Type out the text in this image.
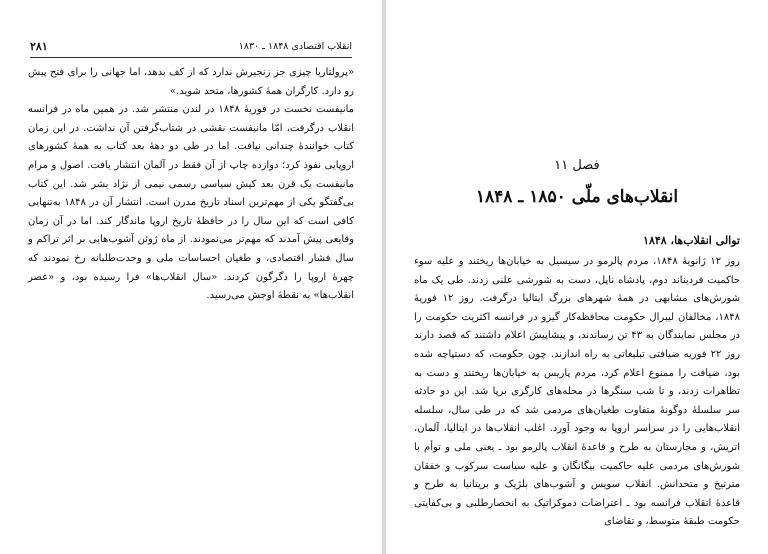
۲۸۱	انقلاب اقتصادی ۱۸۴۸ ـ ۱۸۳۰

«پرولتاریا چیزی جز زنجیرش ندارد که از کف بدهد، اما جهانی را برای فتح پیش رو دارد. کارگران همهٔ کشورها، متحد شوید.»

مانیفست نخست در فوریهٔ ۱۸۴۸ در لندن منتشر شد. در همین ماه در فرانسه انقلاب درگرفت، امّا مانیفست نقشی در شتاب‌گرفتن آن نداشت. در این زمان کتاب خوانندهٔ چندانی نیافت. اما در طی دو دههٔ بعد کتاب به همهٔ کشورهای اروپایی نفوذ کرد؛ دوازده چاپ از آن فقط در آلمان انتشار یافت. اصول و مرام مانیفست یک قرن بعد کیش سیاسی رسمی نیمی از نژاد بشر شد. این کتاب بی‌گفتگو یکی از مهم‌ترین اسناد تاریخ مدرن است. انتشار آن در ۱۸۴۸ به‌تنهایی کافی است که این سال را در حافظهٔ تاریخ اروپا ماندگار کند. اما در آن زمان وقایعی پیش آمدند که مهم‌تر می‌نمودند. از ماه ژوئن آشوب‌هایی بر اثر تراکم و سال فشار اقتصادی، و طغیان احساسات ملی و وحدت‌طلبانه رخ نمودند که چهرهٔ اروپا را دگرگون کردند. «سال انقلاب‌ها» فرا رسیده بود، و «عصر انقلاب‌ها» به نقطهٔ اوجش می‌رسید.

فصل ۱۱
انقلاب‌های ملّی ۱۸۵۰ ـ ۱۸۴۸
توالی انقلاب‌ها، ۱۸۴۸

روز ۱۲ ژانویهٔ ۱۸۴۸، مردم پالرمو در سیسیل به خیابان‌ها ریختند و علیه سوء حاکمیت فردیناند دوم، پادشاه ناپل، دست به شورشی علنی زدند. طی یک ماه شورش‌های مشابهی در همهٔ شهرهای بزرگ ایتالیا درگرفت. روز ۱۲ فوریهٔ ۱۸۴۸، مخالفان لیبرال حکومت محافظه‌کار گیزو در فرانسه اکثریت حکومت را در مجلس نمایندگان به ۴۳ تن رساندند، و پیشاپیش اعلام داشتند که قصد دارند روز ۲۲ فوریه ضیافتی تبلیغاتی به راه اندازند. چون حکومت، که دستپاچه شده بود، ضیافت را ممنوع اعلام کرد، مردم پاریس به خیابان‌ها ریختند و دست به تظاهرات زدند، و تا شب سنگرها در محله‌های کارگری برپا شد. این دو حادثه سر سلسلهٔ دوگونهٔ متفاوت طغیان‌های مردمی شد که در طی سال، سلسله انقلاب‌هایی را در سراسر اروپا به وجود آورد. اغلب انقلاب‌ها در ایتالیا، آلمان، اتریش، و مجارستان به طرح و قاعدهٔ انقلاب پالرمو بود ـ یعنی ملی و توأم با شورش‌های مردمی علیه حاکمیت بیگانگان و علیه سیاست سرکوب و خفقان مترتیخ و متحدانش. انقلاب سویس و آشوب‌های بلژیک و بریتانیا به طرح و قاعدهٔ انقلاب فرانسه بود ـ اعتراضات دموکراتیک به انحصارطلبی و بی‌کفایتی حکومت طبقهٔ متوسط، و تقاضای
